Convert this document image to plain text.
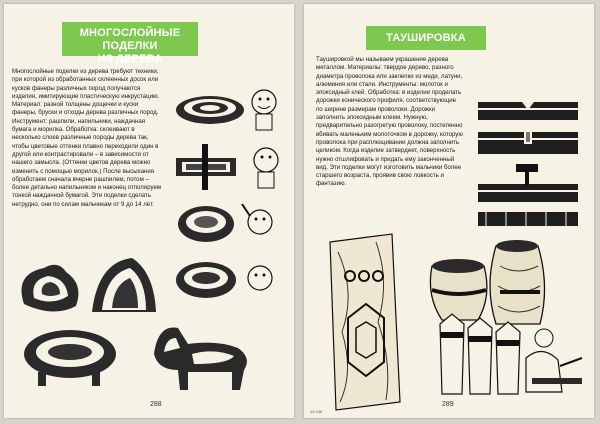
МНОГОСЛОЙНЫЕ ПОДЕЛКИ
ИЗ ДЕРЕВА
Многослойные поделки из дерева требуют техники, при которой из обработанных склеенных досок или кусков фанеры различных пород получаются изделия, имитирующие пластическую инкрустацию. Материал: разной толщены дощечки и куски фанеры, бруски и отходы дерева различных пород. Инструмент: рашпили, напильники, наждачная бумага и морилка. Обработка: склеивают в несколько слоев различные породы дерева так, чтобы цветовые оттенки плавно переходили один в другой или контрастировали – в зависимости от нашего замысла. (Оттенки цветов дерева можно изменить с помощью морилок.) После высыхания обработаем сначала вчерне рашпилем, потом – более детально напильником и наконец отполируем тонкой наждачной бумагой. Эти поделки сделать нетрудно, они по силам мальчикам от 9 до 14 лет.
288
ТАУШИРОВКА
Таушировкой мы называем украшение дерева металлом. Материалы: твердое дерево, разного диаметра проволока или заклепки из меди, латуни, алюминия или стали. Инструменты: молоток и эпоксидный клей. Обработка: в изделии проделать дорожки конического профиля, соответствующие по ширине размерам проволоки. Дорожки заполнить эпоксидным клеем. Нужную, предварительно разогретую проволоку, постепенно вбивать маленьким молоточком в дорожку, которую проволока при расплющивании должна заполнить целиком. Когда изделие затвердеет, поверхность нужно отшлифовать и придать ему законченный вид. Эти поделки могут изготовить мальчики более старшего возраста, проявив свою ловкость и фантазию.
289
19 446
